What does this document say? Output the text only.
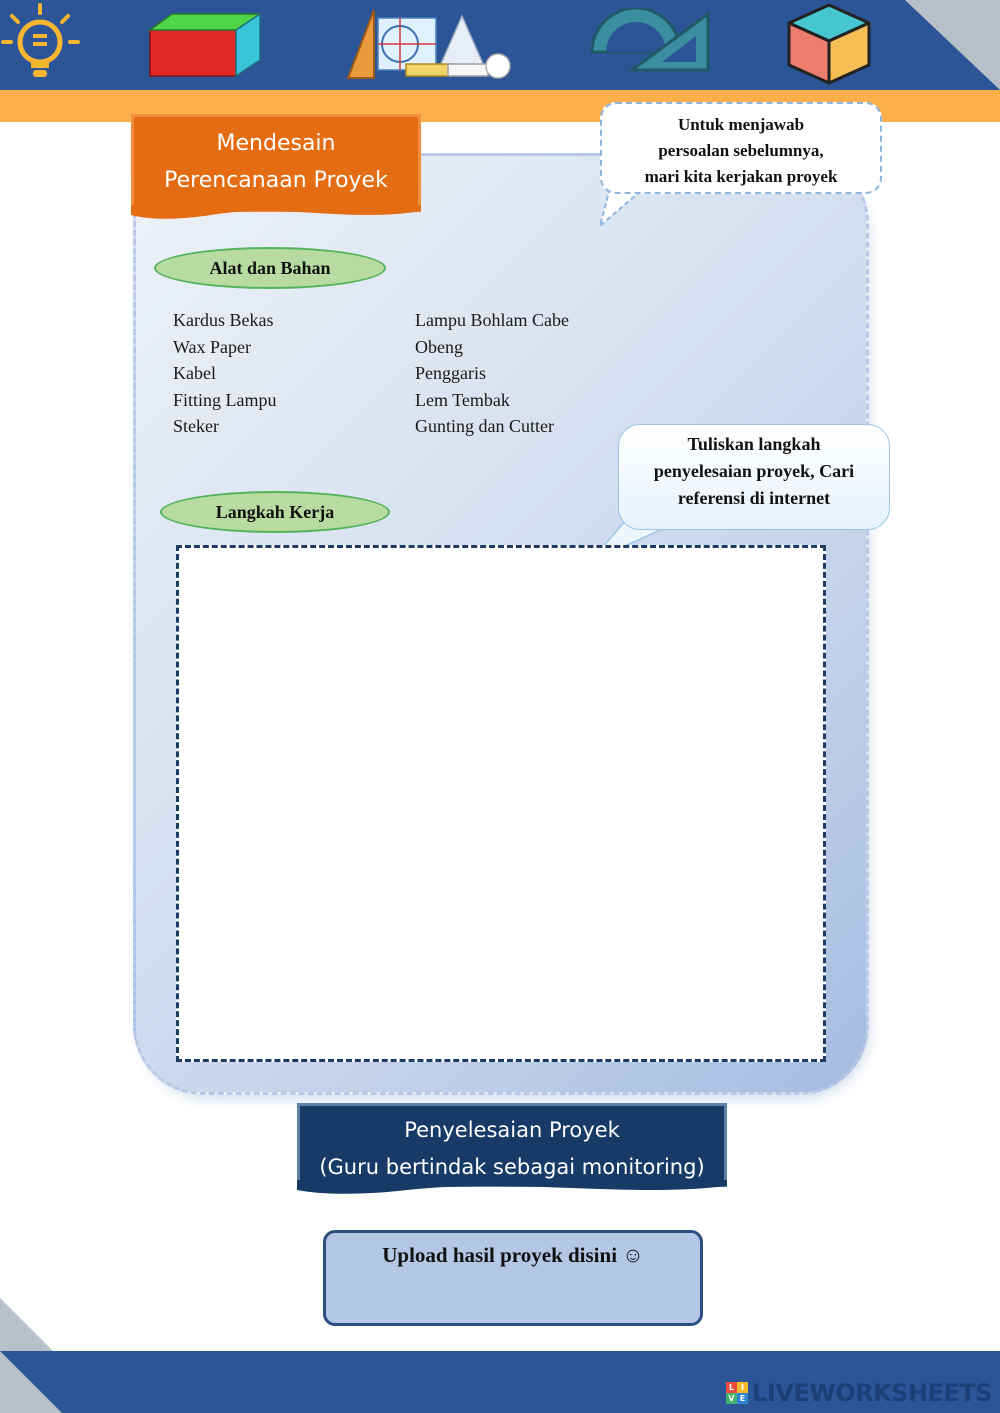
Mendesain
Perencanaan Proyek
Untuk menjawab
persoalan sebelumnya,
mari kita kerjakan proyek
Alat dan Bahan
Kardus Bekas
Wax Paper
Kabel
Fitting Lampu
Steker
Lampu Bohlam Cabe
Obeng
Penggaris
Lem Tembak
Gunting dan Cutter
Langkah Kerja
Tuliskan langkah
penyelesaian proyek, Cari
referensi di internet
Penyelesaian Proyek
(Guru bertindak sebagai monitoring)
Upload hasil proyek disini ☺
L I
V E LIVEWORKSHEETS
